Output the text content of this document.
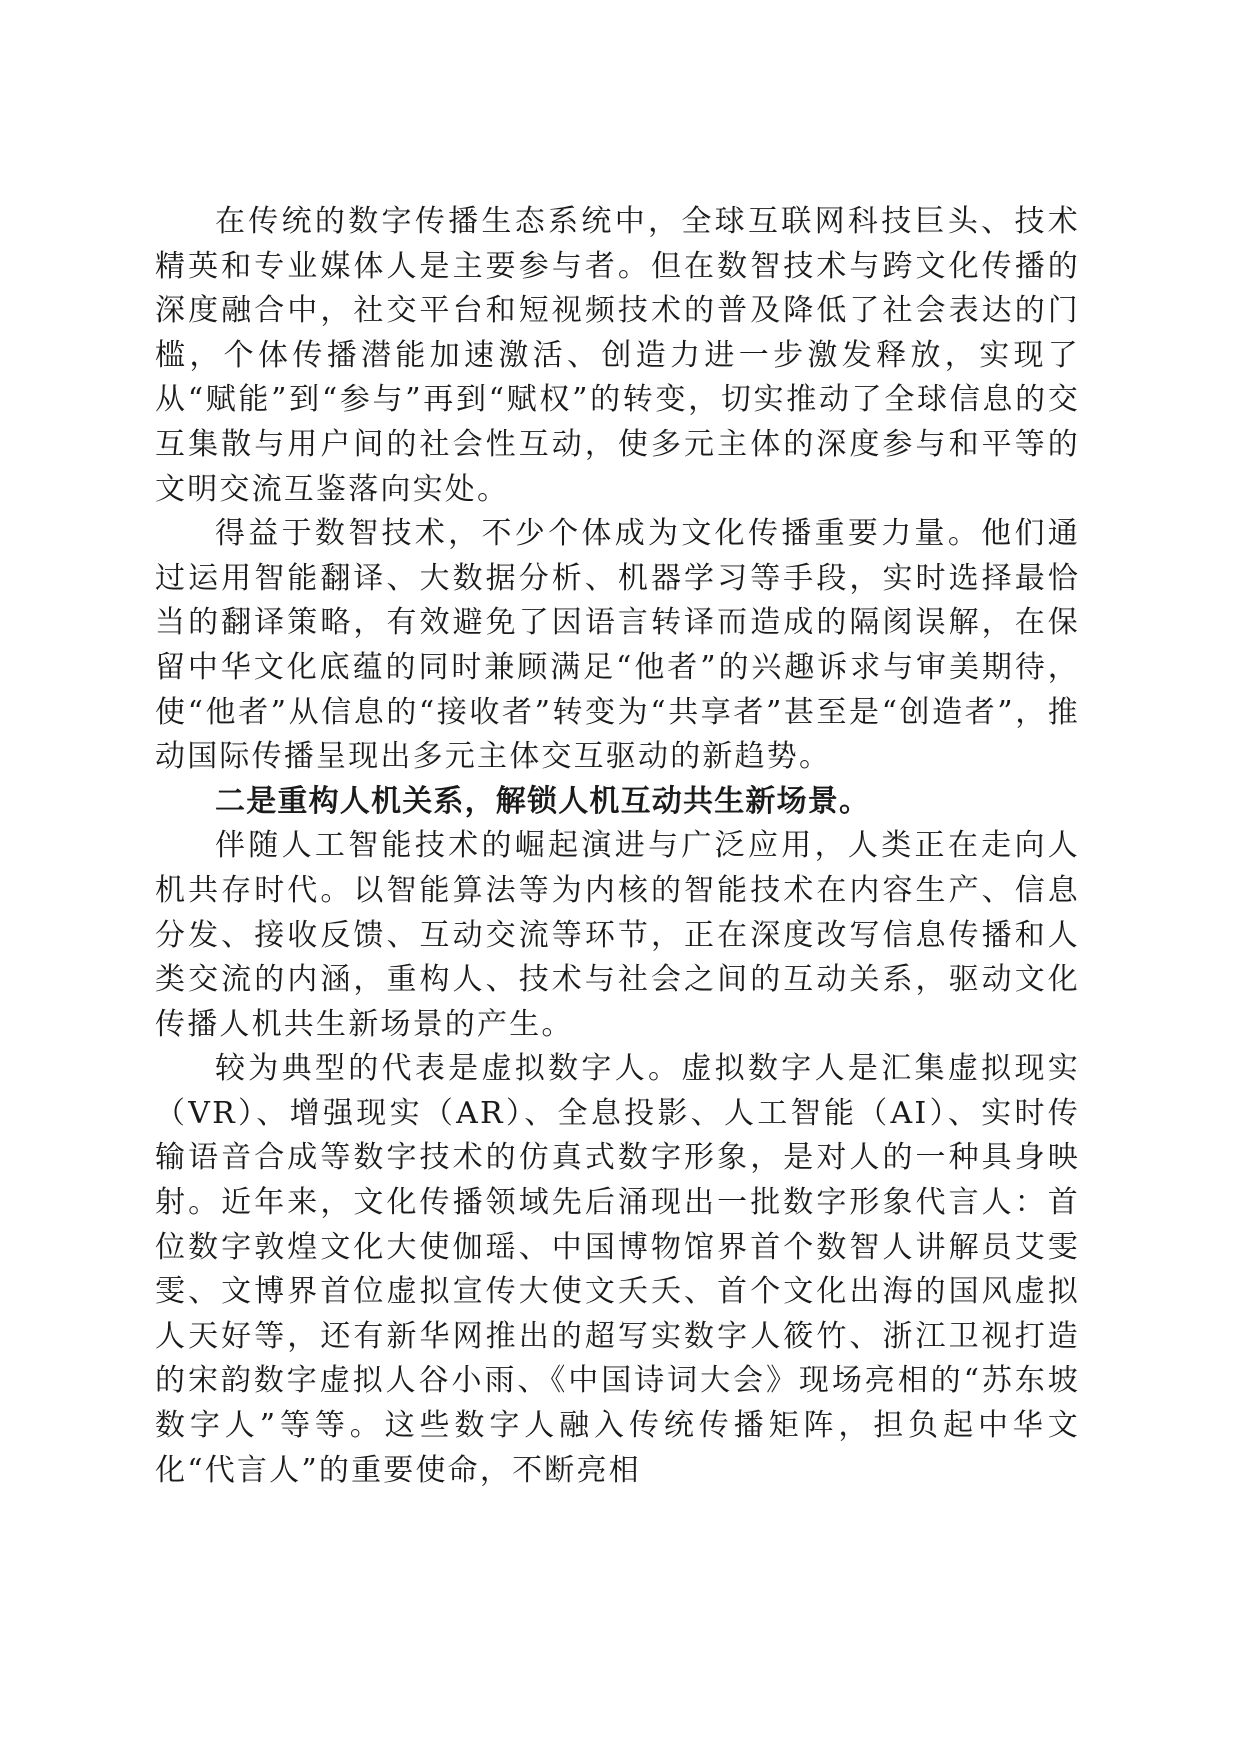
在传统的数字传播生态系统中，全球互联网科技巨头、技术精英和专业媒体人是主要参与者。但在数智技术与跨文化传播的深度融合中，社交平台和短视频技术的普及降低了社会表达的门槛，个体传播潜能加速激活、创造力进一步激发释放，实现了从“赋能”到“参与”再到“赋权”的转变，切实推动了全球信息的交互集散与用户间的社会性互动，使多元主体的深度参与和平等的文明交流互鉴落向实处。

得益于数智技术，不少个体成为文化传播重要力量。他们通过运用智能翻译、大数据分析、机器学习等手段，实时选择最恰当的翻译策略，有效避免了因语言转译而造成的隔阂误解，在保留中华文化底蕴的同时兼顾满足“他者”的兴趣诉求与审美期待，使“他者”从信息的“接收者”转变为“共享者”甚至是“创造者”，推动国际传播呈现出多元主体交互驱动的新趋势。

二是重构人机关系，解锁人机互动共生新场景。

伴随人工智能技术的崛起演进与广泛应用，人类正在走向人机共存时代。以智能算法等为内核的智能技术在内容生产、信息分发、接收反馈、互动交流等环节，正在深度改写信息传播和人类交流的内涵，重构人、技术与社会之间的互动关系，驱动文化传播人机共生新场景的产生。

较为典型的代表是虚拟数字人。虚拟数字人是汇集虚拟现实（VR）、增强现实（AR）、全息投影、人工智能（AI）、实时传输语音合成等数字技术的仿真式数字形象，是对人的一种具身映射。近年来，文化传播领域先后涌现出一批数字形象代言人：首位数字敦煌文化大使伽瑶、中国博物馆界首个数智人讲解员艾雯雯、文博界首位虚拟宣传大使文夭夭、首个文化出海的国风虚拟人天好等，还有新华网推出的超写实数字人筱竹、浙江卫视打造的宋韵数字虚拟人谷小雨、《中国诗词大会》现场亮相的“苏东坡数字人”等等。这些数字人融入传统传播矩阵，担负起中华文化“代言人”的重要使命，不断亮相
